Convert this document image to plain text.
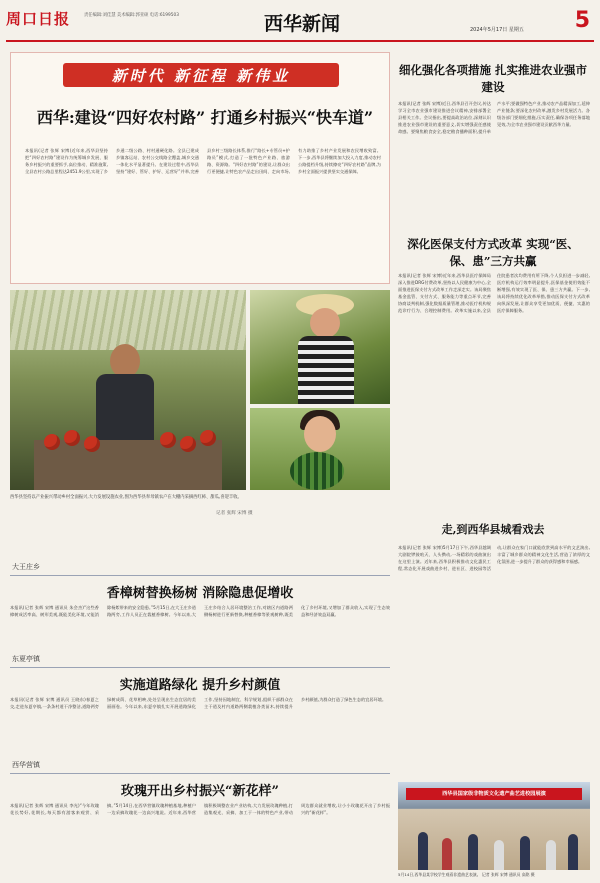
周口日报	责任编辑:刘佳慧 美术编辑:郭亚硕 电话:6199503	西华新闻	2024年5月17日 星期五 5
新时代 新征程 新伟业
西华:建设“四好农村路” 打通乡村振兴“快车道”
本报讯(记者 张辉 宋博)近年来,西华县坚持把“四好农村路”建设作为统筹城乡发展、服务乡村振兴的重要抓手,高位推动、精准施策,全县农村公路总里程达2451.9公里,实现了乡乡通二级公路、村村通硬化路。全县已建成乡镇客运站、农村公交线路全覆盖,城乡交通一体化水平显著提升。在建设过程中,西华县坚持“建好、管好、护好、运营好”并举,完善县乡村三级路长体系,推行“路长+专管员+护路员”模式,打造了一批特色产业路、旅游路、资源路。“四好农村路”的建设,让群众出行更便捷,让特色农产品走出田间、走向市场,有力助推了乡村产业发展和农民增收致富。下一步,西华县将继续加大投入力度,推动农村公路提档升级,持续擦亮“四好农村路”品牌,为乡村全面振兴提供坚实交通保障。
细化强化各项措施 扎实推进农业强市建设
本报讯(记者 张辉 宋博)近日,西华县召开会议,传达学习全市农业强市建设推进会议精神,安排部署全县相关工作。会议指出,要提高政治站位,深刻认识推进农业强市建设的重要意义,切实增强责任感使命感。要聚焦粮食安全,稳定粮食播种面积,提升单产水平;要做强特色产业,推动农产品精深加工,延伸产业链条;要深化农村改革,激发乡村发展活力。各级各部门要细化措施,压实责任,确保各项任务落地见效,为全市农业强市建设贡献西华力量。
深化医保支付方式改革 实现“医、保、患”三方共赢
本报讯(记者 张辉 宋博)近年来,西华县医疗保障局深入推进DRG付费改革,坚持以人民健康为中心,全面推进医保支付方式改革工作走深走实。该局聚焦基金监管、支付方式、服务能力等重点环节,完善协商谈判机制,强化数据质量管理,推动医疗机构规范诊疗行为、合理控制费用。改革实施以来,全县住院患者次均费用有所下降,个人负担进一步减轻,医疗机构运行效率明显提升,医保基金使用效能不断增强,有效实现了医、保、患三方共赢。下一步,该局将持续优化改革举措,推动医保支付方式改革向纵深发展,让群众享受更加优质、便捷、实惠的医疗保障服务。
走,到西华县城看戏去
本报讯(记者 张辉 宋博)5月17日下午,西华县越调大剧院锣鼓喧天、人头攒动,一场精彩的戏曲演出在这里上演。近年来,西华县积极推动文化惠民工程,常态化开展戏曲进乡村、进社区、进校园等活动,让群众在家门口就能欣赏到高水平的文艺演出,丰富了城乡群众的精神文化生活,营造了浓厚的文化氛围,进一步提升了群众的获得感和幸福感。
西华县坚持以产业振兴带动乡村全面振兴,大力发展设施农业,图为西华县奉母镇农户在大棚内采摘西红柿、甜瓜,喜迎丰收。
记者 张辉 宋博 摄
大王庄乡
香樟树替换杨树 消除隐患促增收
本报讯(记者 张辉 宋博 通讯员 朱会杰)“这些香樟树成活率高、树形美观,既能美化环境,又能消除杨絮带来的安全隐患。”5月15日,在大王庄乡道路两旁,工作人员正在栽植香樟树。今年以来,大王庄乡结合人居环境整治工作,对辖区内道路两侧杨树进行更新替换,种植香樟等景观树种,既美化了乡村环境,又增加了群众收入,实现了生态效益和经济效益双赢。
东夏亭镇
实施道路绿化 提升乡村颜值
本报讯(记者 张辉 宋博 通讯员 王晓东)春夏之交,走进东夏亭镇,一条条村道干净整洁,道路两旁绿树成荫、花草相映,处处呈现出生态宜居的美丽画卷。今年以来,东夏亭镇扎实开展道路绿化工作,坚持因地制宜、科学规划,组织干部群众在主干道及村内道路两侧栽植各类苗木,持续提升乡村颜值,为群众打造了绿色生态的宜居环境。
西华营镇
玫瑰开出乡村振兴“新花样”
本报讯(记者 张辉 宋博 通讯员 李光)“今年玫瑰花长势好,花期长,每天都有游客来观赏、采摘。”5月14日,在西华营镇玫瑰种植基地,种植户一边采摘玫瑰花一边高兴地说。近年来,西华营镇积极调整农业产业结构,大力发展玫瑰种植,打造集观光、采摘、加工于一体的特色产业,带动周边群众就业增收,让小小玫瑰花开出了乡村振兴的“新花样”。
西华县国家级非物质文化遗产曲艺进校园展演
5月14日,西华县某学校学生观看非遗曲艺表演。 记者 张辉 宋博 通讯员 高铭 摄
